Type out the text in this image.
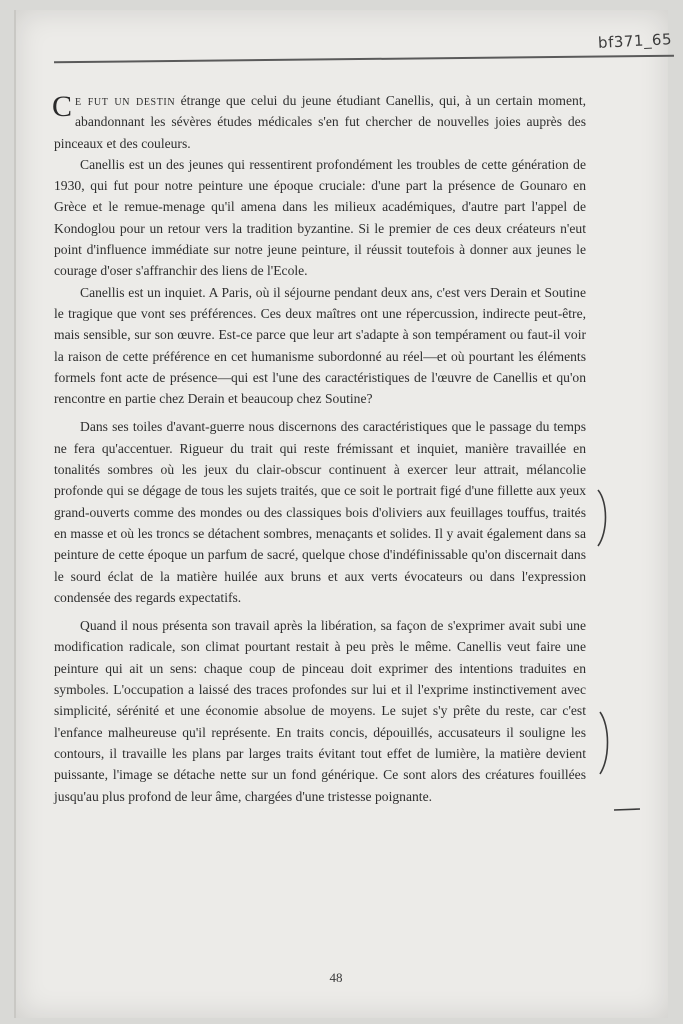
bf371_65

Ce fut un destin étrange que celui du jeune étudiant Canellis, qui, à un certain moment, abandonnant les sévères études médicales s'en fut chercher de nouvelles joies auprès des pinceaux et des couleurs.

Canellis est un des jeunes qui ressentirent profondément les troubles de cette génération de 1930, qui fut pour notre peinture une époque cruciale: d'une part la présence de Gounaro en Grèce et le remue-menage qu'il amena dans les milieux académiques, d'autre part l'appel de Kondoglou pour un retour vers la tradition byzantine. Si le premier de ces deux créateurs n'eut point d'influence immédiate sur notre jeune peinture, il réussit toutefois à donner aux jeunes le courage d'oser s'affranchir des liens de l'Ecole.

Canellis est un inquiet. A Paris, où il séjourne pendant deux ans, c'est vers Derain et Soutine le tragique que vont ses préférences. Ces deux maîtres ont une répercussion, indirecte peut-être, mais sensible, sur son œuvre. Est-ce parce que leur art s'adapte à son tempérament ou faut-il voir la raison de cette préférence en cet humanisme subordonné au réel—et où pourtant les éléments formels font acte de présence—qui est l'une des caractéristiques de l'œuvre de Canellis et qu'on rencontre en partie chez Derain et beaucoup chez Soutine?

Dans ses toiles d'avant-guerre nous discernons des caractéristiques que le passage du temps ne fera qu'accentuer. Rigueur du trait qui reste frémissant et inquiet, manière travaillée en tonalités sombres où les jeux du clair-obscur continuent à exercer leur attrait, mélancolie profonde qui se dégage de tous les sujets traités, que ce soit le portrait figé d'une fillette aux yeux grand-ouverts comme des mondes ou des classiques bois d'oliviers aux feuillages touffus, traités en masse et où les troncs se détachent sombres, menaçants et solides. Il y avait également dans sa peinture de cette époque un parfum de sacré, quelque chose d'indéfinissable qu'on discernait dans le sourd éclat de la matière huilée aux bruns et aux verts évocateurs ou dans l'expression condensée des regards expectatifs.

Quand il nous présenta son travail après la libération, sa façon de s'exprimer avait subi une modification radicale, son climat pourtant restait à peu près le même. Canellis veut faire une peinture qui ait un sens: chaque coup de pinceau doit exprimer des intentions traduites en symboles. L'occupation a laissé des traces profondes sur lui et il l'exprime instinctivement avec simplicité, sérénité et une économie absolue de moyens. Le sujet s'y prête du reste, car c'est l'enfance malheureuse qu'il représente. En traits concis, dépouillés, accusateurs il souligne les contours, il travaille les plans par larges traits évitant tout effet de lumière, la matière devient puissante, l'image se détache nette sur un fond générique. Ce sont alors des créatures fouillées jusqu'au plus profond de leur âme, chargées d'une tristesse poignante.

48
